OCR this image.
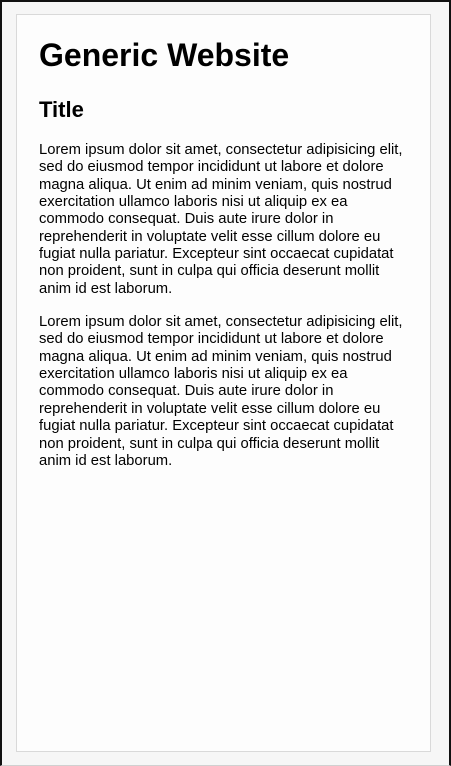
Generic Website
Title

Lorem ipsum dolor sit amet, consectetur adipisicing elit, sed do eiusmod tempor incididunt ut labore et dolore magna aliqua. Ut enim ad minim veniam, quis nostrud exercitation ullamco laboris nisi ut aliquip ex ea commodo consequat. Duis aute irure dolor in reprehenderit in voluptate velit esse cillum dolore eu fugiat nulla pariatur. Excepteur sint occaecat cupidatat non proident, sunt in culpa qui officia deserunt mollit anim id est laborum.

Lorem ipsum dolor sit amet, consectetur adipisicing elit, sed do eiusmod tempor incididunt ut labore et dolore magna aliqua. Ut enim ad minim veniam, quis nostrud exercitation ullamco laboris nisi ut aliquip ex ea commodo consequat. Duis aute irure dolor in reprehenderit in voluptate velit esse cillum dolore eu fugiat nulla pariatur. Excepteur sint occaecat cupidatat non proident, sunt in culpa qui officia deserunt mollit anim id est laborum.
